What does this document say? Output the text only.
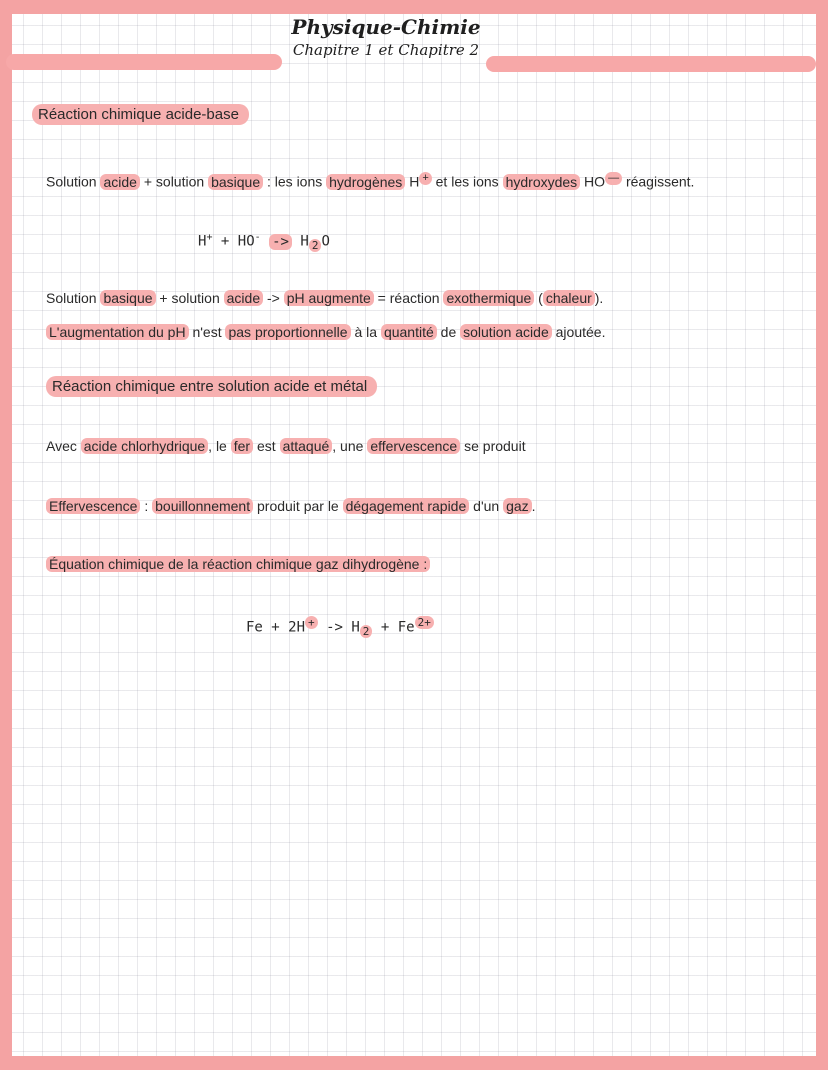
Physique-Chimie
Chapitre 1 et Chapitre 2
Réaction chimique acide-base
Solution acide + solution basique : les ions hydrogènes H + et les ions hydroxydes HO — réagissent.
H+ + HO- -> H $_2$ O
Solution basique + solution acide -> pH augmente = réaction exothermique ( chaleur ).
L'augmentation du pH n'est pas proportionnelle à la quantité de solution acide ajoutée.
Réaction chimique entre solution acide et métal
Avec acide chlorhydrique , le fer est attaqué , une effervescence se produit
Effervescence : bouillonnement produit par le dégagement rapide d'un gaz .
Équation chimique de la réaction chimique gaz dihydrogène :
Fe + 2H + -> H $_2$ + Fe $^{2+}$
